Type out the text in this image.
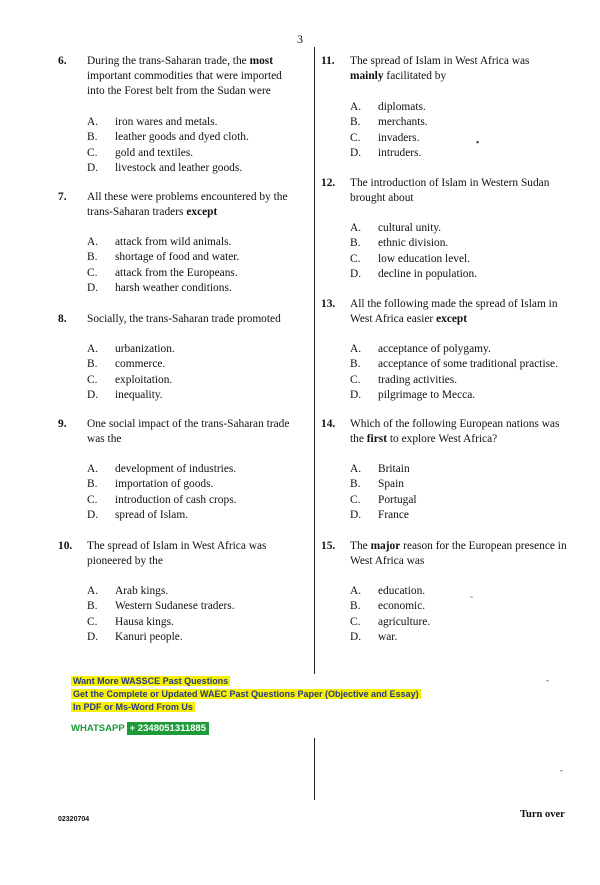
3
6. During the trans-Saharan trade, the most important commodities that were imported into the Forest belt from the Sudan were
A. iron wares and metals.
B. leather goods and dyed cloth.
C. gold and textiles.
D. livestock and leather goods.
7. All these were problems encountered by the trans-Saharan traders except
A. attack from wild animals.
B. shortage of food and water.
C. attack from the Europeans.
D. harsh weather conditions.
8. Socially, the trans-Saharan trade promoted
A. urbanization.
B. commerce.
C. exploitation.
D. inequality.
9. One social impact of the trans-Saharan trade was the
A. development of industries.
B. importation of goods.
C. introduction of cash crops.
D. spread of Islam.
10. The spread of Islam in West Africa was pioneered by the
A. Arab kings.
B. Western Sudanese traders.
C. Hausa kings.
D. Kanuri people.
11. The spread of Islam in West Africa was mainly facilitated by
A. diplomats.
B. merchants.
C. invaders.
D. intruders.
12. The introduction of Islam in Western Sudan brought about
A. cultural unity.
B. ethnic division.
C. low education level.
D. decline in population.
13. All the following made the spread of Islam in West Africa easier except
A. acceptance of polygamy.
B. acceptance of some traditional practise.
C. trading activities.
D. pilgrimage to Mecca.
14. Which of the following European nations was the first to explore West Africa?
A. Britain
B. Spain
C. Portugal
D. France
15. The major reason for the European presence in West Africa was
A. education.
B. economic.
C. agriculture.
D. war.
Want More WASSCE Past Questions
Get the Complete or Updated WAEC Past Questions Paper (Objective and Essay)
In PDF or Ms-Word From Us
WHATSAPP + 2348051311885
02320704	Turn over
▪
˷
-
-
